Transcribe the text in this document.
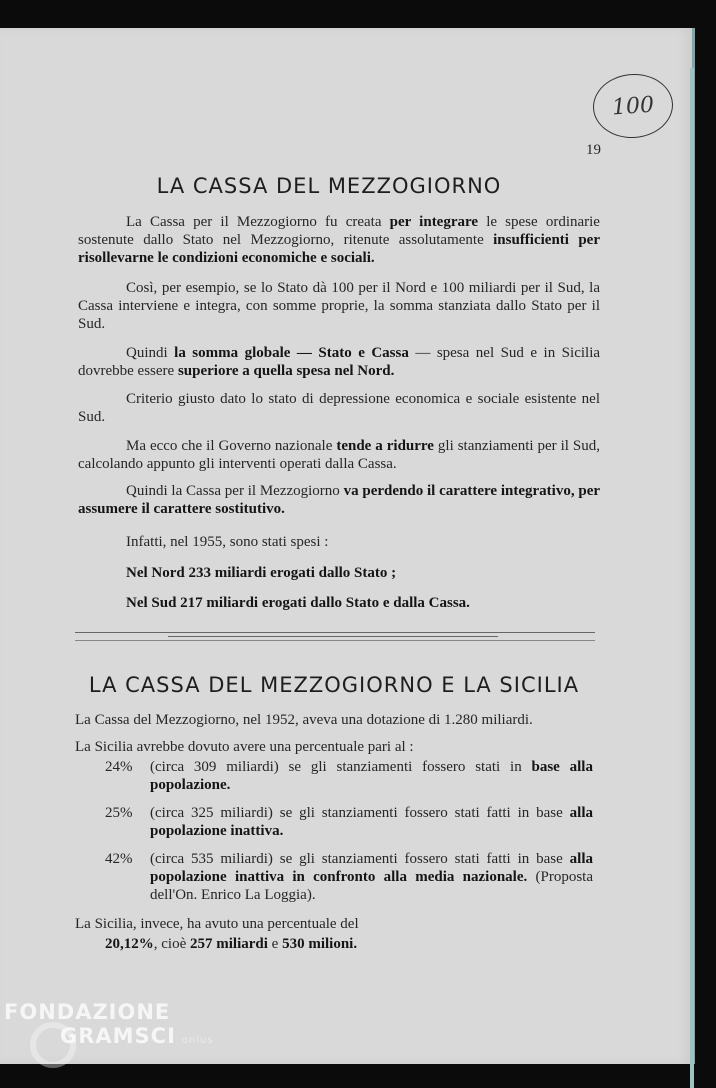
100
19
LA CASSA DEL MEZZOGIORNO

La Cassa per il Mezzogiorno fu creata per integrare le spese ordinarie sostenute dallo Stato nel Mezzogiorno, ritenute assolutamente insufficienti per risollevarne le condizioni economiche e sociali.

Così, per esempio, se lo Stato dà 100 per il Nord e 100 miliardi per il Sud, la Cassa interviene e integra, con somme proprie, la somma stanziata dallo Stato per il Sud.

Quindi la somma globale — Stato e Cassa — spesa nel Sud e in Sicilia dovrebbe essere superiore a quella spesa nel Nord.

Criterio giusto dato lo stato di depressione economica e sociale esistente nel Sud.

Ma ecco che il Governo nazionale tende a ridurre gli stanziamenti per il Sud, calcolando appunto gli interventi operati dalla Cassa.

Quindi la Cassa per il Mezzogiorno va perdendo il carattere integrativo, per assumere il carattere sostitutivo.

Infatti, nel 1955, sono stati spesi :

Nel Nord 233 miliardi erogati dallo Stato ;

Nel Sud 217 miliardi erogati dallo Stato e dalla Cassa.

LA CASSA DEL MEZZOGIORNO E LA SICILIA

La Cassa del Mezzogiorno, nel 1952, aveva una dotazione di 1.280 miliardi.

La Sicilia avrebbe dovuto avere una percentuale pari al :

24% (circa 309 miliardi) se gli stanziamenti fossero stati in base alla popolazione.

25% (circa 325 miliardi) se gli stanziamenti fossero stati fatti in base alla popolazione inattiva.

42% (circa 535 miliardi) se gli stanziamenti fossero stati fatti in base alla popolazione inattiva in confronto alla media nazionale. (Proposta dell'On. Enrico La Loggia).

La Sicilia, invece, ha avuto una percentuale del

20,12%, cioè 257 miliardi e 530 milioni.

FONDAZIONE
GRAMSCI onlus
